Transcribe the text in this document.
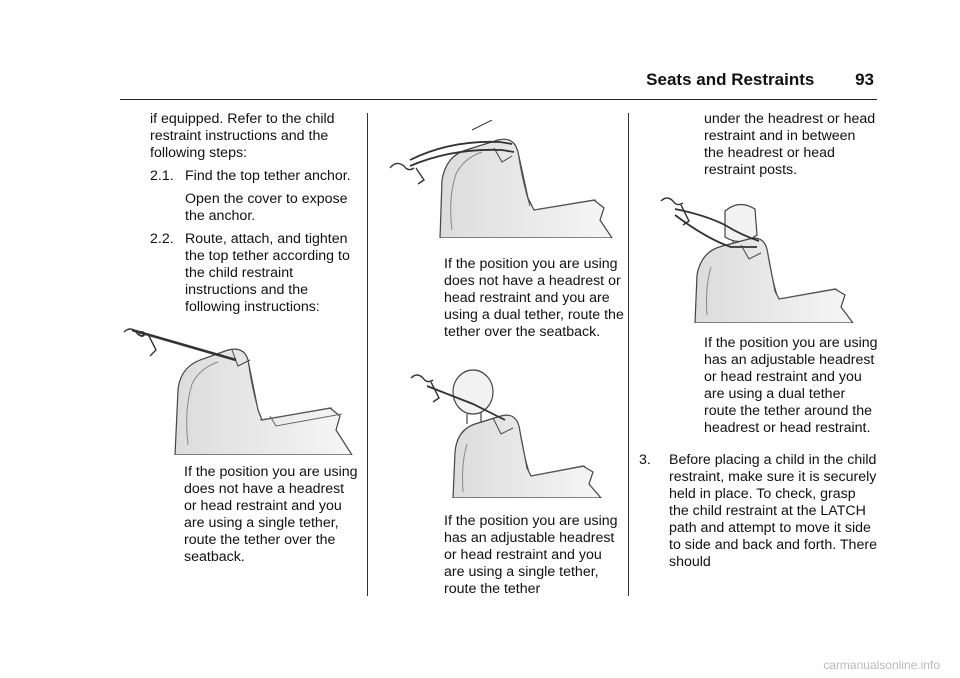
Seats and Restraints 93

if equipped. Refer to the child restraint instructions and the following steps:

2.1. Find the top tether anchor.

Open the cover to expose the anchor.

2.2. Route, attach, and tighten the top tether according to the child restraint instructions and the following instructions:

If the position you are using does not have a headrest or head restraint and you are using a single tether, route the tether over the seatback.

If the position you are using does not have a headrest or head restraint and you are using a dual tether, route the tether over the seatback.

If the position you are using has an adjustable headrest or head restraint and you are using a single tether, route the tether

under the headrest or head restraint and in between the headrest or head restraint posts.

If the position you are using has an adjustable headrest or head restraint and you are using a dual tether route the tether around the headrest or head restraint.

3. Before placing a child in the child restraint, make sure it is securely held in place. To check, grasp the child restraint at the LATCH path and attempt to move it side to side and back and forth. There should

carmanualsonline.info
